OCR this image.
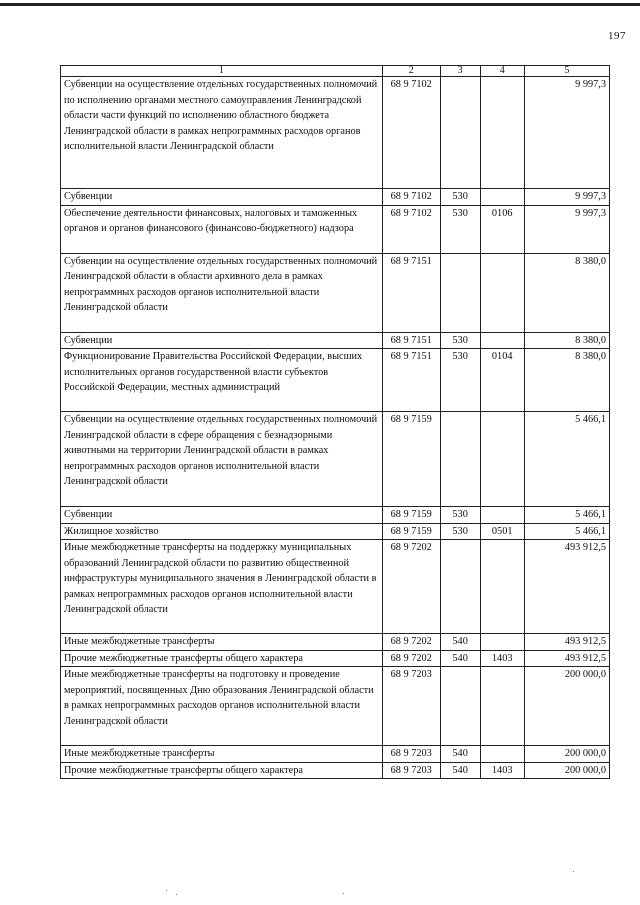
197
1	2	3	4	5
Субвенции на осуществление отдельных государственных полномочий по исполнению органами местного самоуправления Ленинградской области части функций по исполнению областного бюджета Ленинградской области в рамках непрограммных расходов органов исполнительной власти Ленинградской области	68 9 7102			9 997,3
Субвенции	68 9 7102	530		9 997,3
Обеспечение деятельности финансовых, налоговых и таможенных органов и органов финансового (финансово-бюджетного) надзора	68 9 7102	530	0106	9 997,3
Субвенции на осуществление отдельных государственных полномочий Ленинградской области в области архивного дела в рамках непрограммных расходов органов исполнительной власти Ленинградской области	68 9 7151			8 380,0
Субвенции	68 9 7151	530		8 380,0
Функционирование Правительства Российской Федерации, высших исполнительных органов государственной власти субъектов Российской Федерации, местных администраций	68 9 7151	530	0104	8 380,0
Субвенции на осуществление отдельных государственных полномочий Ленинградской области в сфере обращения с безнадзорными животными на территории Ленинградской области в рамках непрограммных расходов органов исполнительной власти Ленинградской области	68 9 7159			5 466,1
Субвенции	68 9 7159	530		5 466,1
Жилищное хозяйство	68 9 7159	530	0501	5 466,1
Иные межбюджетные трансферты на поддержку муниципальных образований Ленинградской области по развитию общественной инфраструктуры муниципального значения в Ленинградской области в рамках непрограммных расходов органов исполнительной власти Ленинградской области	68 9 7202			493 912,5
Иные межбюджетные трансферты	68 9 7202	540		493 912,5
Прочие межбюджетные трансферты общего характера	68 9 7202	540	1403	493 912,5
Иные межбюджетные трансферты на подготовку и проведение мероприятий, посвященных Дню образования Ленинградской области в рамках непрограммных расходов органов исполнительной власти Ленинградской области	68 9 7203			200 000,0
Иные межбюджетные трансферты	68 9 7203	540		200 000,0
Прочие межбюджетные трансферты общего характера	68 9 7203	540	1403	200 000,0
